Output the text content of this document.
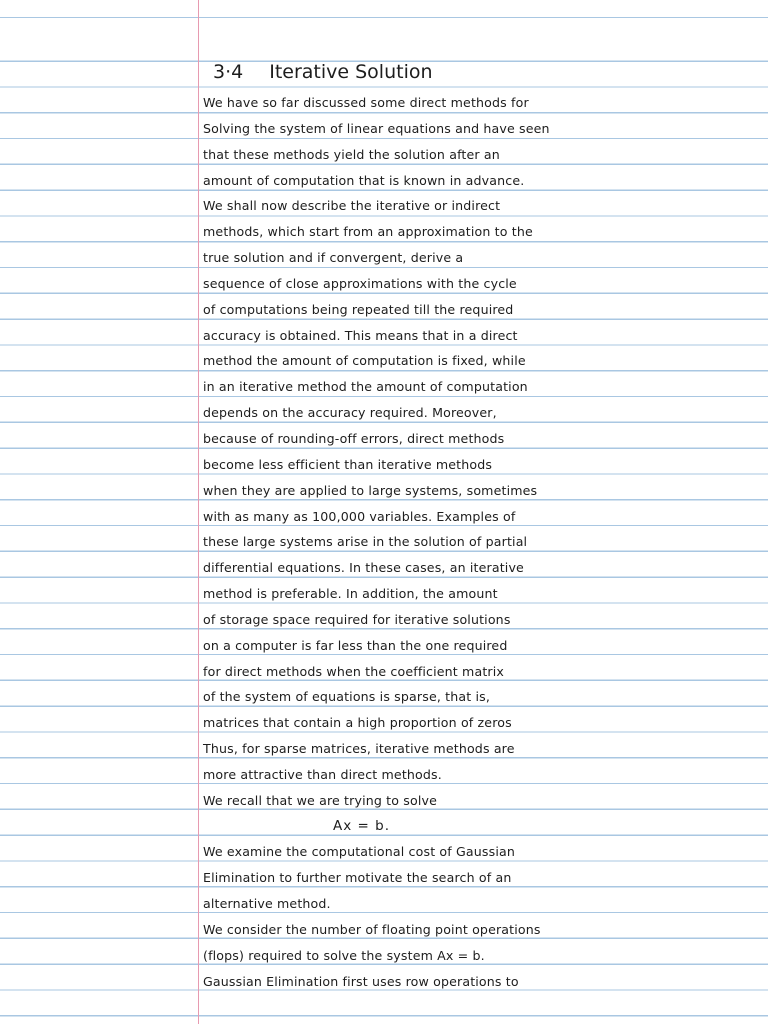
3·4 Iterative Solution
We have so far discussed some direct methods for
Solving the system of linear equations and have seen
that these methods yield the solution after an
amount of computation that is known in advance.
We shall now describe the iterative or indirect
methods, which start from an approximation to the
true solution and if convergent, derive a
sequence of close approximations with the cycle
of computations being repeated till the required
accuracy is obtained. This means that in a direct
method the amount of computation is fixed, while
in an iterative method the amount of computation
depends on the accuracy required. Moreover,
because of rounding-off errors, direct methods
become less efficient than iterative methods
when they are applied to large systems, sometimes
with as many as 100,000 variables. Examples of
these large systems arise in the solution of partial
differential equations. In these cases, an iterative
method is preferable. In addition, the amount
of storage space required for iterative solutions
on a computer is far less than the one required
for direct methods when the coefficient matrix
of the system of equations is sparse, that is,
matrices that contain a high proportion of zeros
Thus, for sparse matrices, iterative methods are
more attractive than direct methods.
We recall that we are trying to solve
Ax = b.
We examine the computational cost of Gaussian
Elimination to further motivate the search of an
alternative method.
We consider the number of floating point operations
(flops) required to solve the system Ax = b.
Gaussian Elimination first uses row operations to
